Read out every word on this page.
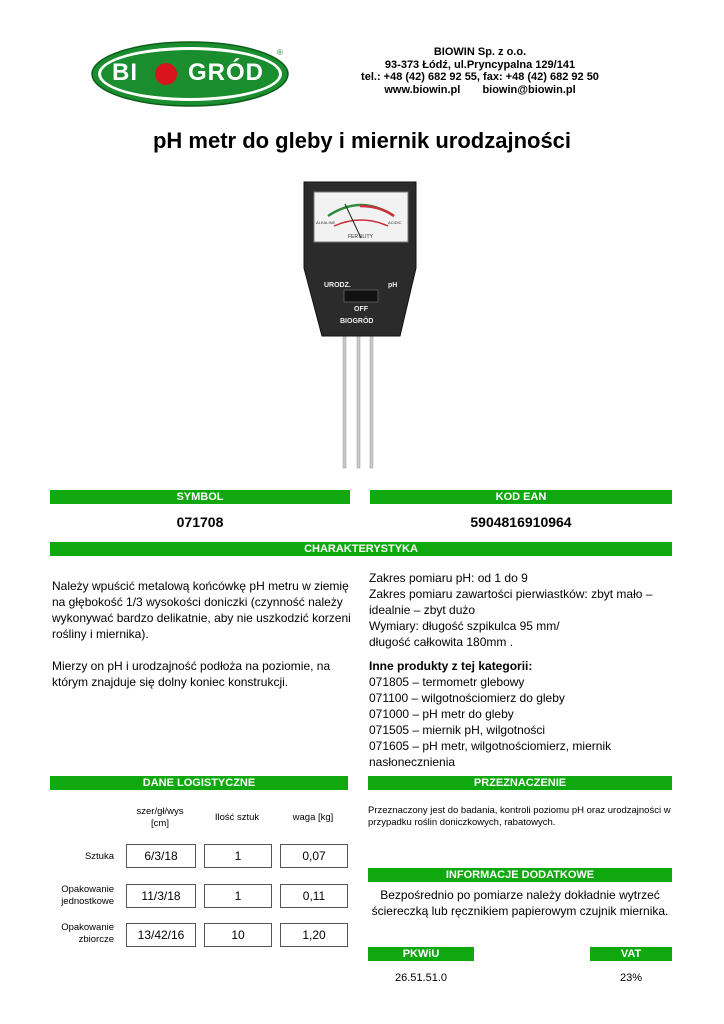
BI GRÓD
®	BIOWIN Sp. z o.o.
93-373 Łódź, ul.Pryncypalna 129/141
tel.: +48 (42) 682 92 55, fax: +48 (42) 682 92 50
www.biowin.pl biowin@biowin.pl
pH metr do gleby i miernik urodzajności
ALKALINE	ACIDIC
FERTILITY
URODZ.	pH
OFF
BIOGRÓD
SYMBOL	KOD EAN
071708	5904816910964
CHARAKTERYSTYKA
Należy wpuścić metalową końcówkę pH metru w ziemię na głębokość 1/3 wysokości doniczki (czynność należy wykonywać bardzo delikatnie, aby nie uszkodzić korzeni rośliny i miernika).
Mierzy on pH i urodzajność podłoża na poziomie, na którym znajduje się dolny koniec konstrukcji.
Zakres pomiaru pH: od 1 do 9
Zakres pomiaru zawartości pierwiastków: zbyt mało –
idealnie – zbyt dużo
Wymiary: długość szpikulca 95 mm/
długość całkowita 180mm .
Inne produkty z tej kategorii:
071805 – termometr glebowy
071100 – wilgotnościomierz do gleby
071000 – pH metr do gleby
071505 – miernik pH, wilgotności
071605 – pH metr, wilgotnościomierz, miernik
nasłonecznienia
DANE LOGISTYCZNE
szer/gł/wys
[cm]
Ilość sztuk	waga [kg]
Sztuka	6/3/18	1	0,07
Opakowanie jednostkowe	11/3/18	1	0,11
Opakowanie zbiorcze	13/42/16	10	1,20
PRZEZNACZENIE
Przeznaczony jest do badania, kontroli poziomu pH oraz urodzajności w przypadku roślin doniczkowych, rabatowych.
INFORMACJE DODATKOWE
Bezpośrednio po pomiarze należy dokładnie wytrzeć ściereczką lub ręcznikiem papierowym czujnik miernika.
PKWiU	VAT
26.51.51.0	23%
